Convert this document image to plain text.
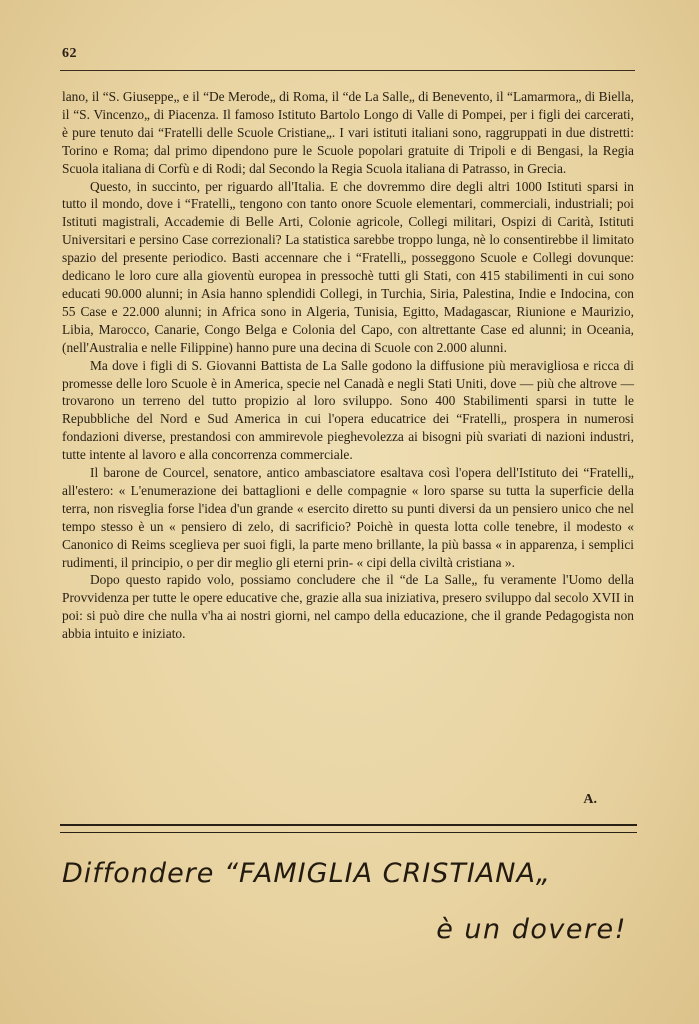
62

lano, il “S. Giuseppe„ e il “De Merode„ di Roma, il “de La Salle„ di Benevento, il “Lamarmora„ di Biella, il “S. Vincenzo„ di Piacenza. Il famoso Istituto Bartolo Longo di Valle di Pompei, per i figli dei carcerati, è pure tenuto dai “Fratelli delle Scuole Cristiane„. I vari istituti italiani sono, raggruppati in due distretti: Torino e Roma; dal primo dipendono pure le Scuole popolari gratuite di Tripoli e di Bengasi, la Regia Scuola italiana di Corfù e di Rodi; dal Secondo la Regia Scuola italiana di Patrasso, in Grecia.

Questo, in succinto, per riguardo all'Italia. E che dovremmo dire degli altri 1000 Istituti sparsi in tutto il mondo, dove i “Fratelli„ tengono con tanto onore Scuole elementari, commerciali, industriali; poi Istituti magistrali, Accademie di Belle Arti, Colonie agricole, Collegi militari, Ospizi di Carità, Istituti Universitari e persino Case correzionali? La statistica sarebbe troppo lunga, nè lo consentirebbe il limitato spazio del presente periodico. Basti accennare che i “Fratelli„ posseggono Scuole e Collegi dovunque: dedicano le loro cure alla gioventù europea in pressochè tutti gli Stati, con 415 stabilimenti in cui sono educati 90.000 alunni; in Asia hanno splendidi Collegi, in Turchia, Siria, Palestina, Indie e Indocina, con 55 Case e 22.000 alunni; in Africa sono in Algeria, Tunisia, Egitto, Madagascar, Riunione e Maurizio, Libia, Marocco, Canarie, Congo Belga e Colonia del Capo, con altrettante Case ed alunni; in Oceania, (nell'Australia e nelle Filippine) hanno pure una decina di Scuole con 2.000 alunni.

Ma dove i figli di S. Giovanni Battista de La Salle godono la diffusione più meravigliosa e ricca di promesse delle loro Scuole è in America, specie nel Canadà e negli Stati Uniti, dove — più che altrove — trovarono un terreno del tutto propizio al loro sviluppo. Sono 400 Stabilimenti sparsi in tutte le Repubbliche del Nord e Sud America in cui l'opera educatrice dei “Fratelli„ prospera in numerosi fondazioni diverse, prestandosi con ammirevole pieghevolezza ai bisogni più svariati di nazioni industri, tutte intente al lavoro e alla concorrenza commerciale.

Il barone de Courcel, senatore, antico ambasciatore esaltava così l'opera dell'Istituto dei “Fratelli„ all'estero: « L'enumerazione dei battaglioni e delle compagnie « loro sparse su tutta la superficie della terra, non risveglia forse l'idea d'un grande « esercito diretto su punti diversi da un pensiero unico che nel tempo stesso è un « pensiero di zelo, di sacrificio? Poichè in questa lotta colle tenebre, il modesto « Canonico di Reims sceglieva per suoi figli, la parte meno brillante, la più bassa « in apparenza, i semplici rudimenti, il principio, o per dir meglio gli eterni prin- « cipi della civiltà cristiana ».

Dopo questo rapido volo, possiamo concludere che il “de La Salle„ fu veramente l'Uomo della Provvidenza per tutte le opere educative che, grazie alla sua iniziativa, presero sviluppo dal secolo XVII in poi: si può dire che nulla v'ha ai nostri giorni, nel campo della educazione, che il grande Pedagogista non abbia intuito e iniziato.

A.
Diffondere “FAMIGLIA CRISTIANA„
è un dovere!
